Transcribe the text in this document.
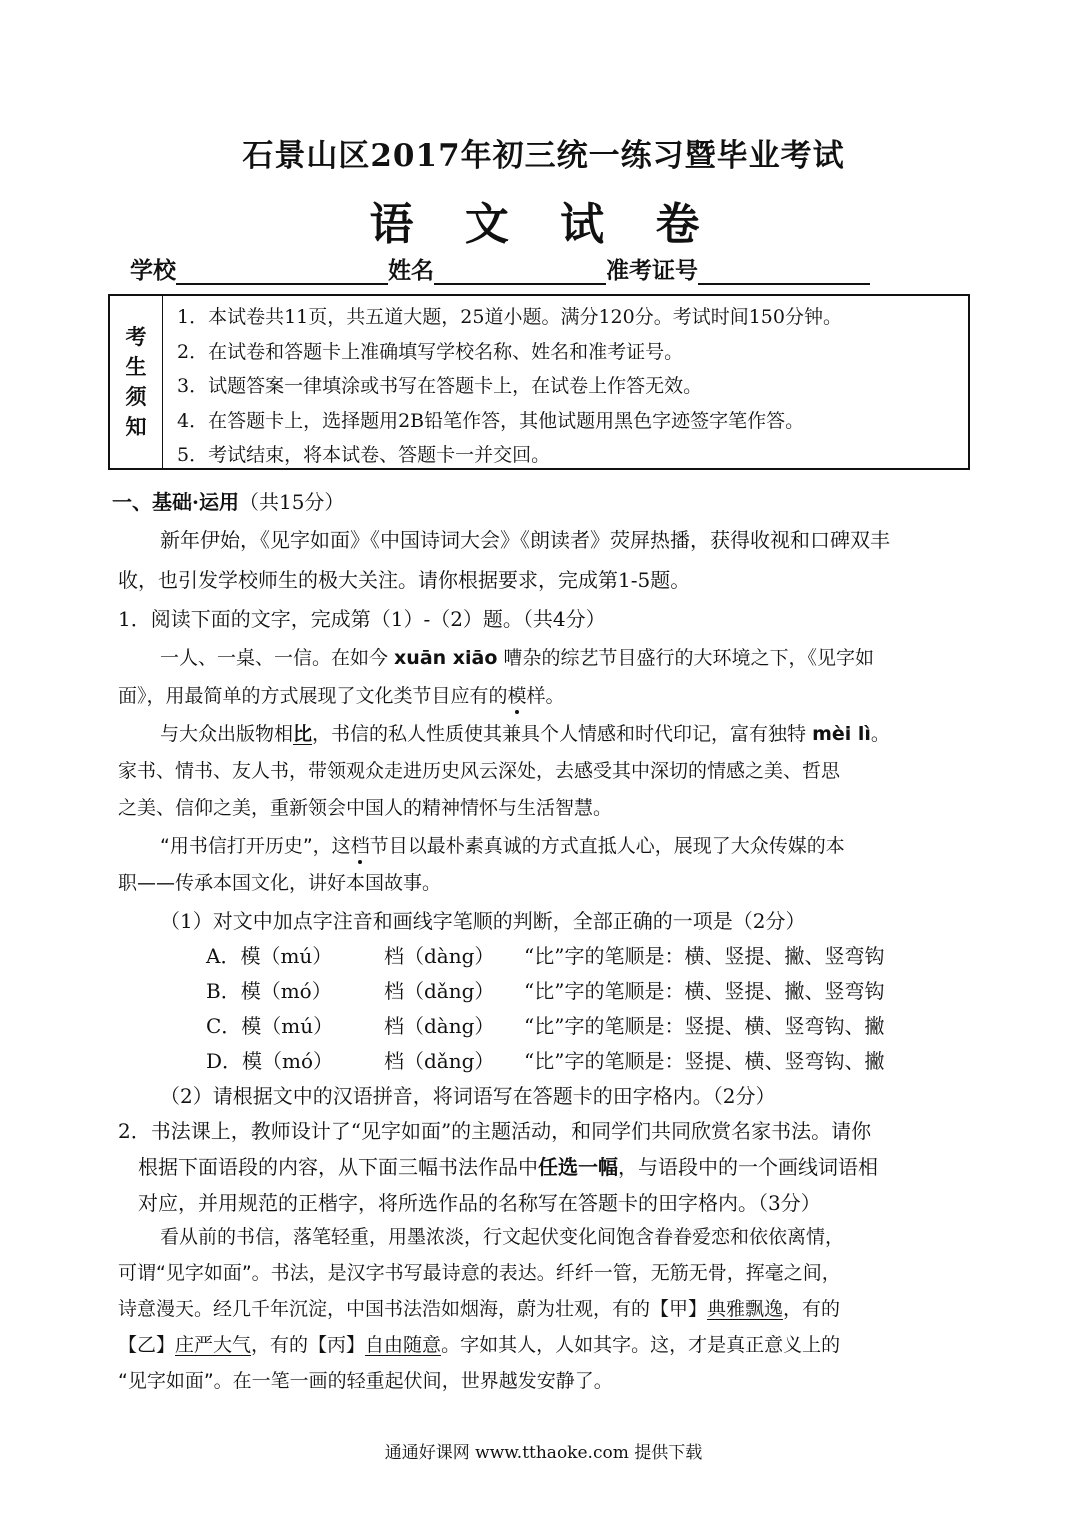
石景山区2017年初三统一练习暨毕业考试
语 文 试 卷
学校	姓名	准考证号
考
生
须
知
1．本试卷共11页，共五道大题，25道小题。满分120分。考试时间150分钟。
2．在试卷和答题卡上准确填写学校名称、姓名和准考证号。
3．试题答案一律填涂或书写在答题卡上，在试卷上作答无效。
4．在答题卡上，选择题用2B铅笔作答，其他试题用黑色字迹签字笔作答。
5．考试结束，将本试卷、答题卡一并交回。
一、基础·运用（共15分）
新年伊始，《见字如面》《中国诗词大会》《朗读者》荧屏热播，获得收视和口碑双丰
收，也引发学校师生的极大关注。请你根据要求，完成第1-5题。
1．阅读下面的文字，完成第（1）-（2）题。（共4分）
一人、一桌、一信。在如今 xuān xiāo 嘈杂的综艺节目盛行的大环境之下，《见字如
面》，用最简单的方式展现了文化类节目应有的模样。
与大众出版物相比，书信的私人性质使其兼具个人情感和时代印记，富有独特 mèi lì。
家书、情书、友人书，带领观众走进历史风云深处，去感受其中深切的情感之美、哲思
之美、信仰之美，重新领会中国人的精神情怀与生活智慧。
“用书信打开历史”，这档节目以最朴素真诚的方式直抵人心，展现了大众传媒的本
职——传承本国文化，讲好本国故事。
（1）对文中加点字注音和画线字笔顺的判断，全部正确的一项是（2分）
A．模（mú）	档（dàng） “比”字的笔顺是：横、竖提、撇、竖弯钩
B．模（mó）	档（dǎng） “比”字的笔顺是：横、竖提、撇、竖弯钩
C．模（mú）	档（dàng） “比”字的笔顺是：竖提、横、竖弯钩、撇
D．模（mó）	档（dǎng） “比”字的笔顺是：竖提、横、竖弯钩、撇
（2）请根据文中的汉语拼音，将词语写在答题卡的田字格内。（2分）
2．书法课上，教师设计了“见字如面”的主题活动，和同学们共同欣赏名家书法。请你
根据下面语段的内容，从下面三幅书法作品中任选一幅，与语段中的一个画线词语相
对应，并用规范的正楷字，将所选作品的名称写在答题卡的田字格内。（3分）
看从前的书信，落笔轻重，用墨浓淡，行文起伏变化间饱含眷眷爱恋和依依离情，
可谓“见字如面”。书法，是汉字书写最诗意的表达。纤纤一管，无筋无骨，挥毫之间，
诗意漫天。经几千年沉淀，中国书法浩如烟海，蔚为壮观，有的【甲】典雅飘逸，有的
【乙】庄严大气，有的【丙】自由随意。字如其人，人如其字。这，才是真正意义上的
“见字如面”。在一笔一画的轻重起伏间，世界越发安静了。
通通好课网 www.tthaoke.com 提供下载
